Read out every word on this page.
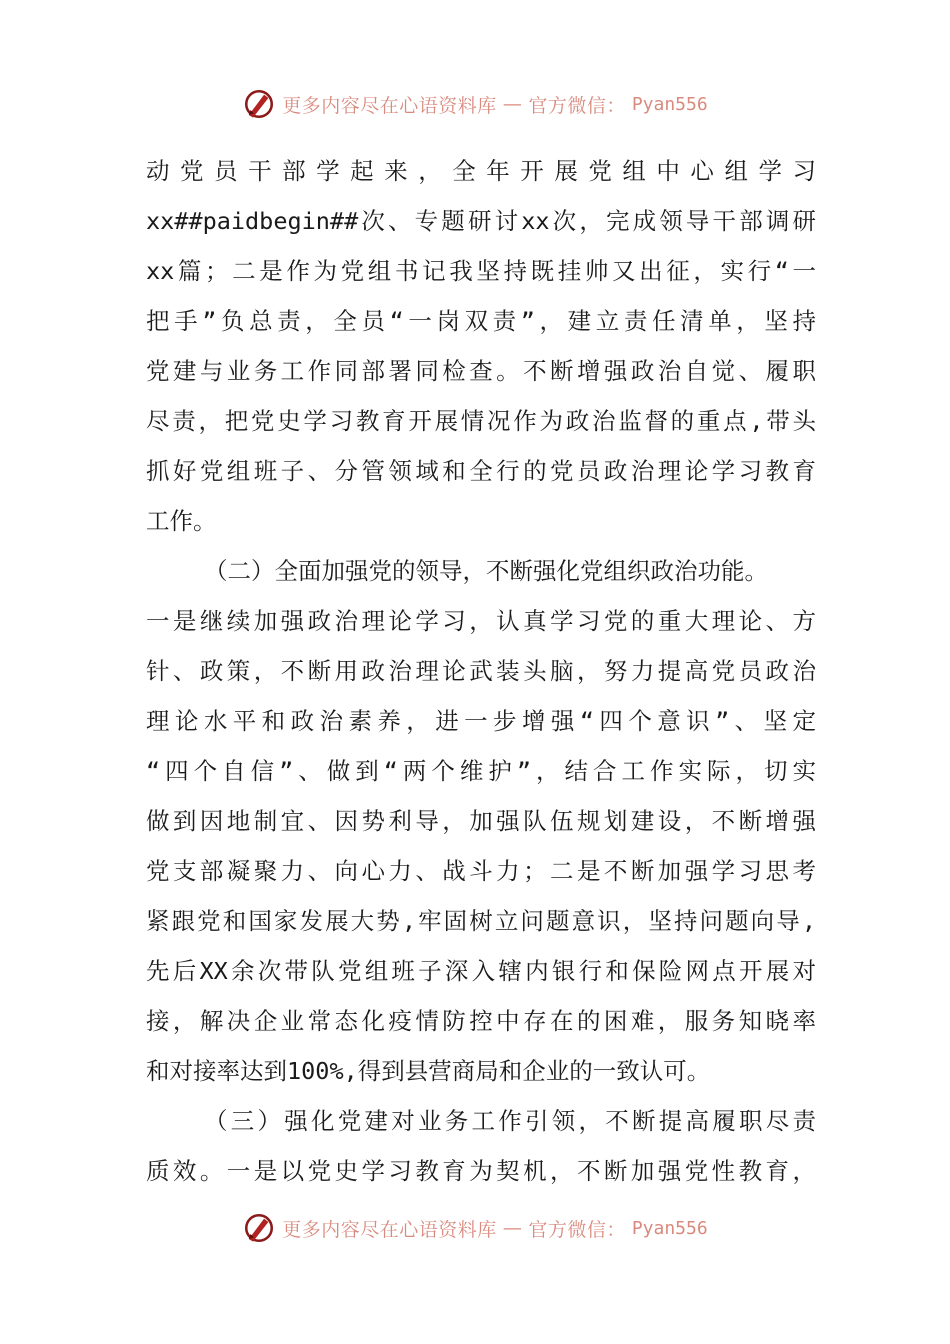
更多内容尽在心语资料库 — 官方微信： Pyan556
动党员干部学起来，全年开展党组中心组学习
xx##paidbegin##次、专题研讨xx次，完成领导干部调研
xx篇；二是作为党组书记我坚持既挂帅又出征，实行“一
把手”负总责，全员“一岗双责”，建立责任清单，坚持
党建与业务工作同部署同检查。不断增强政治自觉、履职
尽责，把党史学习教育开展情况作为政治监督的重点,带头
抓好党组班子、分管领域和全行的党员政治理论学习教育
工作。
（二）全面加强党的领导，不断强化党组织政治功能。
一是继续加强政治理论学习，认真学习党的重大理论、方
针、政策，不断用政治理论武装头脑，努力提高党员政治
理论水平和政治素养，进一步增强“四个意识”、坚定
“四个自信”、做到“两个维护”，结合工作实际，切实
做到因地制宜、因势利导，加强队伍规划建设，不断增强
党支部凝聚力、向心力、战斗力；二是不断加强学习思考
紧跟党和国家发展大势,牢固树立问题意识，坚持问题向导,
先后XX余次带队党组班子深入辖内银行和保险网点开展对
接，解决企业常态化疫情防控中存在的困难，服务知晓率
和对接率达到100%,得到县营商局和企业的一致认可。
（三）强化党建对业务工作引领，不断提高履职尽责
质效。一是以党史学习教育为契机，不断加强党性教育，
更多内容尽在心语资料库 — 官方微信： Pyan556
